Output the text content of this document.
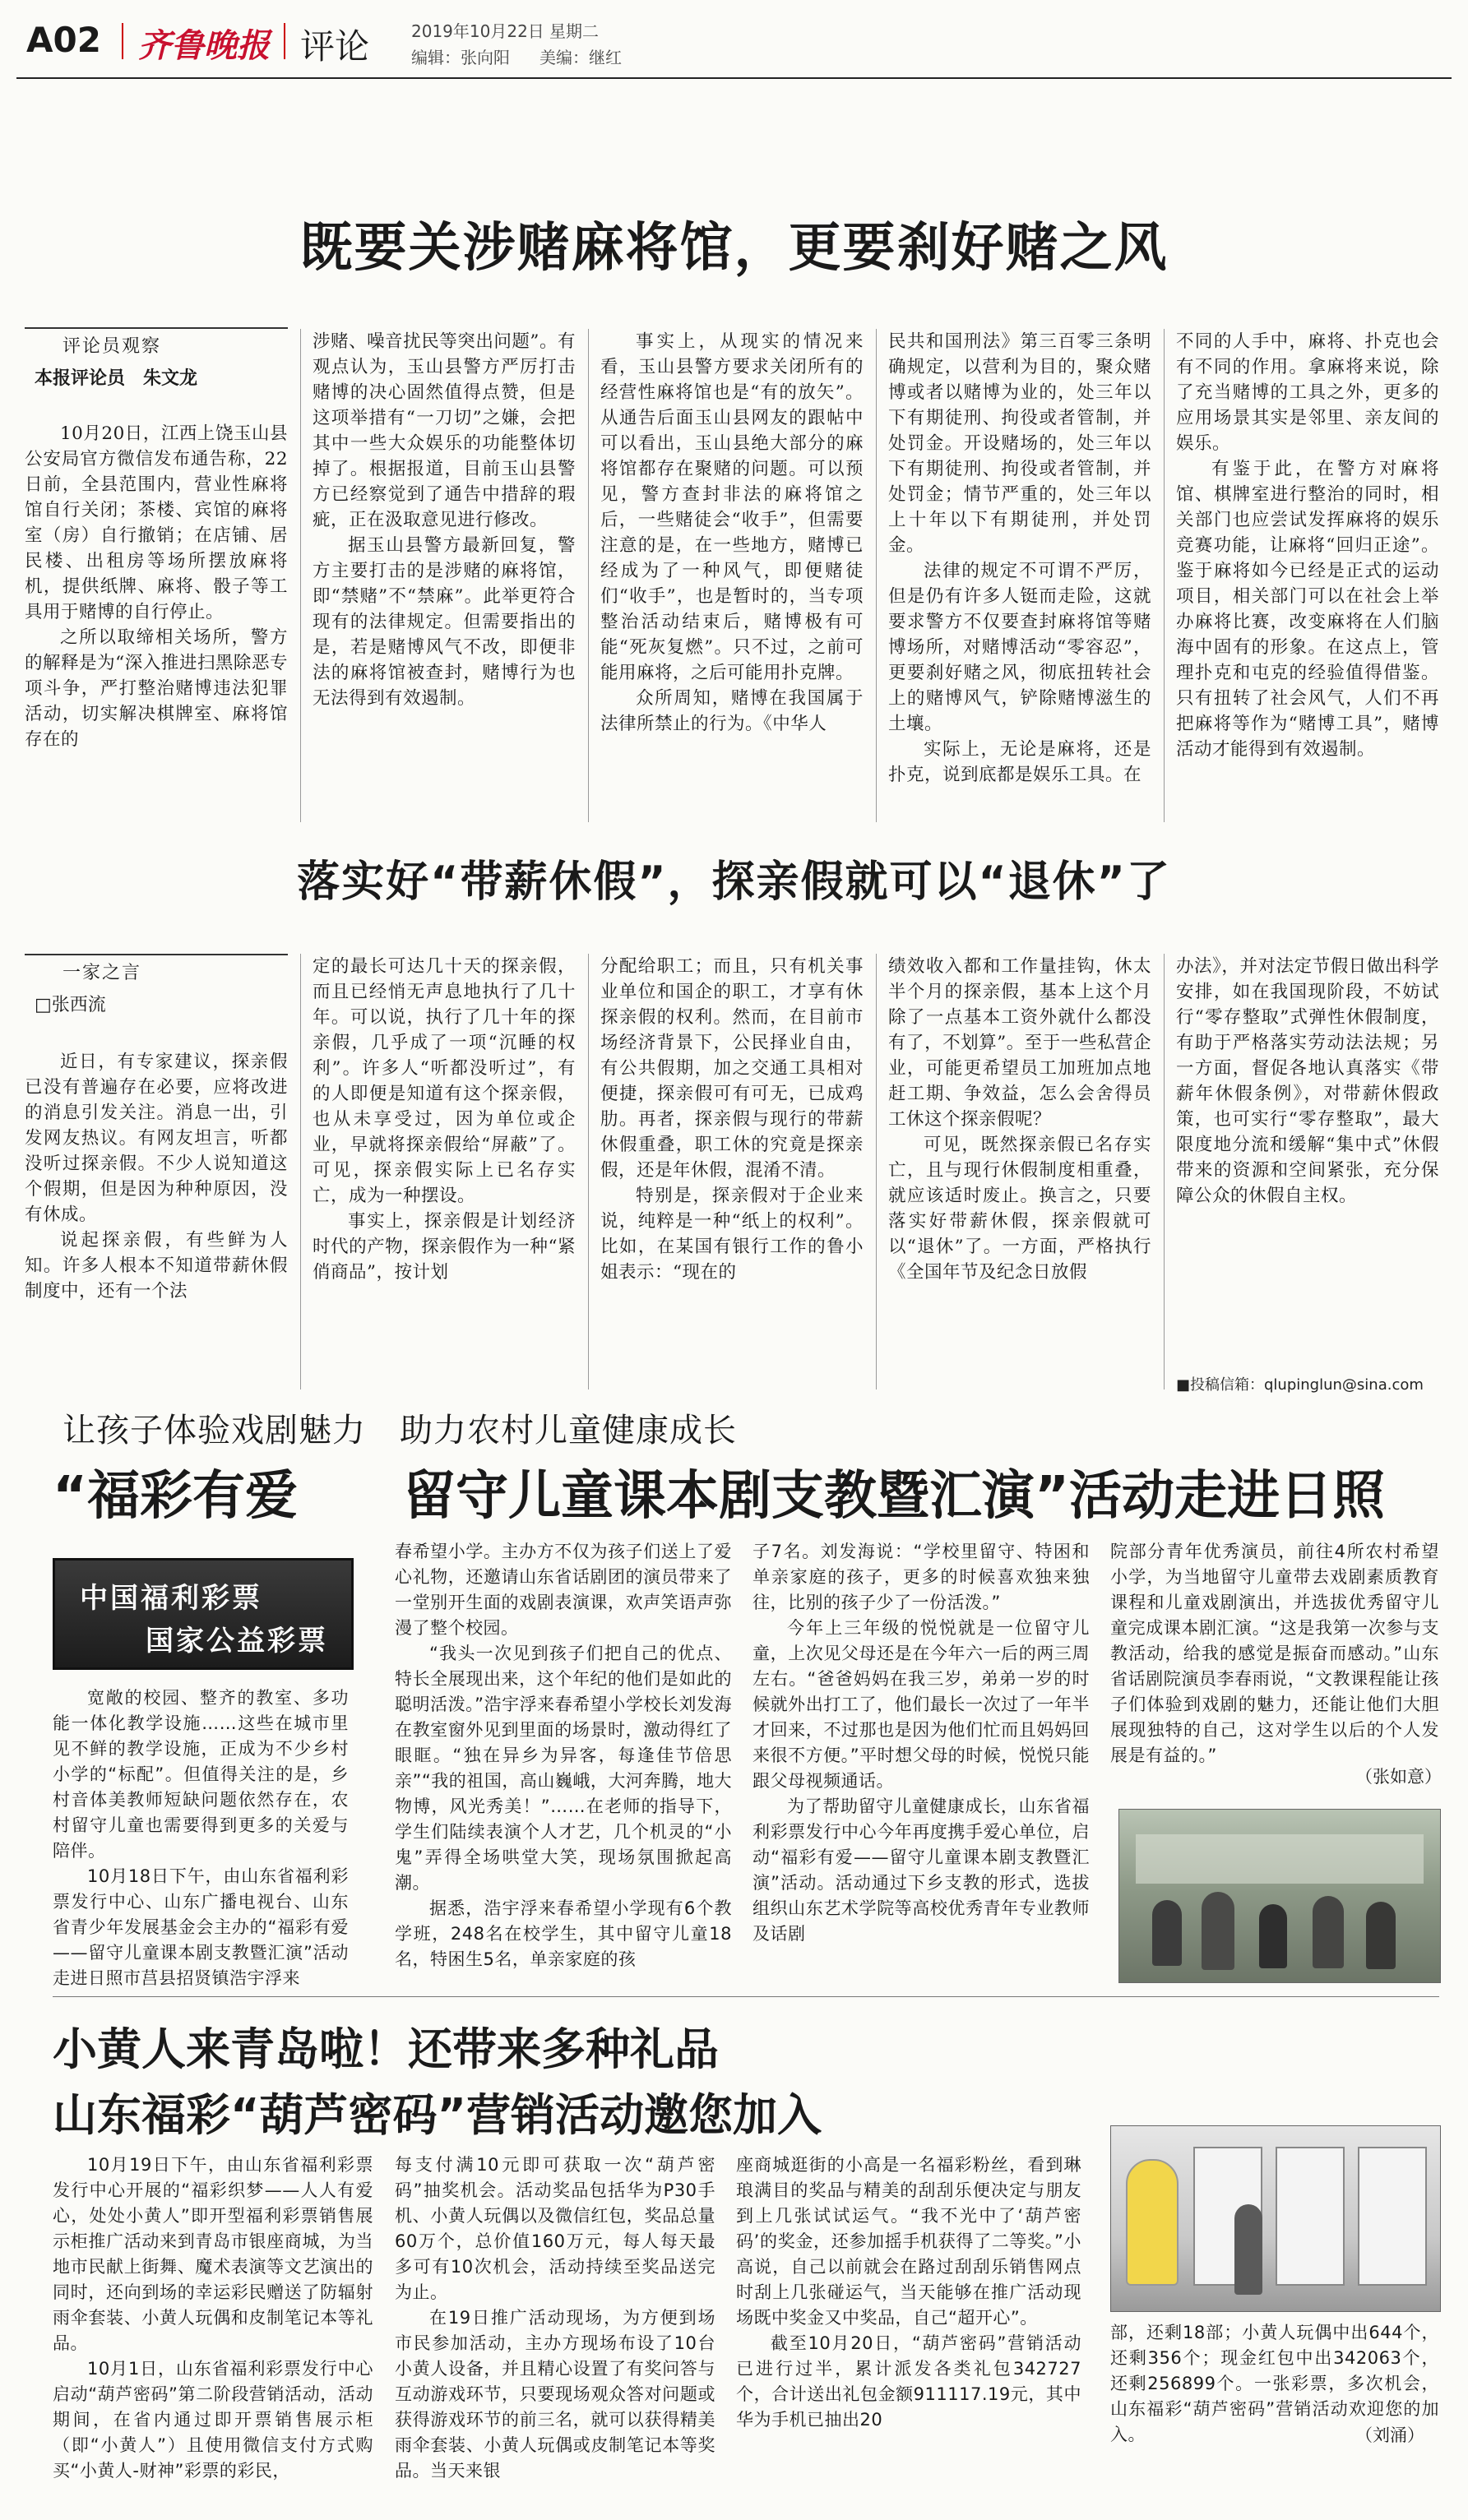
A02 齐鲁晚报 评论	2019年10月22日 星期二
编辑：张向阳 美编：继红
既要关涉赌麻将馆，更要刹好赌之风
评论员观察
本报评论员　朱文龙

10月20日，江西上饶玉山县公安局官方微信发布通告称，22日前，全县范围内，营业性麻将馆自行关闭；茶楼、宾馆的麻将室（房）自行撤销；在店铺、居民楼、出租房等场所摆放麻将机，提供纸牌、麻将、骰子等工具用于赌博的自行停止。

之所以取缔相关场所，警方的解释是为“深入推进扫黑除恶专项斗争，严打整治赌博违法犯罪活动，切实解决棋牌室、麻将馆存在的

涉赌、噪音扰民等突出问题”。有观点认为，玉山县警方严厉打击赌博的决心固然值得点赞，但是这项举措有“一刀切”之嫌，会把其中一些大众娱乐的功能整体切掉了。根据报道，目前玉山县警方已经察觉到了通告中措辞的瑕疵，正在汲取意见进行修改。

据玉山县警方最新回复，警方主要打击的是涉赌的麻将馆，即“禁赌”不“禁麻”。此举更符合现有的法律规定。但需要指出的是，若是赌博风气不改，即便非法的麻将馆被查封，赌博行为也无法得到有效遏制。

事实上，从现实的情况来看，玉山县警方要求关闭所有的经营性麻将馆也是“有的放矢”。从通告后面玉山县网友的跟帖中可以看出，玉山县绝大部分的麻将馆都存在聚赌的问题。可以预见，警方查封非法的麻将馆之后，一些赌徒会“收手”，但需要注意的是，在一些地方，赌博已经成为了一种风气，即便赌徒们“收手”，也是暂时的，当专项整治活动结束后，赌博极有可能“死灰复燃”。只不过，之前可能用麻将，之后可能用扑克牌。

众所周知，赌博在我国属于法律所禁止的行为。《中华人

民共和国刑法》第三百零三条明确规定，以营利为目的，聚众赌博或者以赌博为业的，处三年以下有期徒刑、拘役或者管制，并处罚金。开设赌场的，处三年以下有期徒刑、拘役或者管制，并处罚金；情节严重的，处三年以上十年以下有期徒刑，并处罚金。

法律的规定不可谓不严厉，但是仍有许多人铤而走险，这就要求警方不仅要查封麻将馆等赌博场所，对赌博活动“零容忍”，更要刹好赌之风，彻底扭转社会上的赌博风气，铲除赌博滋生的土壤。

实际上，无论是麻将，还是扑克，说到底都是娱乐工具。在

不同的人手中，麻将、扑克也会有不同的作用。拿麻将来说，除了充当赌博的工具之外，更多的应用场景其实是邻里、亲友间的娱乐。

有鉴于此，在警方对麻将馆、棋牌室进行整治的同时，相关部门也应尝试发挥麻将的娱乐竞赛功能，让麻将“回归正途”。鉴于麻将如今已经是正式的运动项目，相关部门可以在社会上举办麻将比赛，改变麻将在人们脑海中固有的形象。在这点上，管理扑克和屯克的经验值得借鉴。只有扭转了社会风气，人们不再把麻将等作为“赌博工具”，赌博活动才能得到有效遏制。

落实好“带薪休假”，探亲假就可以“退休”了
一家之言
□张西流

近日，有专家建议，探亲假已没有普遍存在必要，应将改进的消息引发关注。消息一出，引发网友热议。有网友坦言，听都没听过探亲假。不少人说知道这个假期，但是因为种种原因，没有休成。

说起探亲假，有些鲜为人知。许多人根本不知道带薪休假制度中，还有一个法

定的最长可达几十天的探亲假，而且已经悄无声息地执行了几十年。可以说，执行了几十年的探亲假，几乎成了一项“沉睡的权利”。许多人“听都没听过”，有的人即便是知道有这个探亲假，也从未享受过，因为单位或企业，早就将探亲假给“屏蔽”了。可见，探亲假实际上已名存实亡，成为一种摆设。

事实上，探亲假是计划经济时代的产物，探亲假作为一种“紧俏商品”，按计划

分配给职工；而且，只有机关事业单位和国企的职工，才享有休探亲假的权利。然而，在目前市场经济背景下，公民择业自由，有公共假期，加之交通工具相对便捷，探亲假可有可无，已成鸡肋。再者，探亲假与现行的带薪休假重叠，职工休的究竟是探亲假，还是年休假，混淆不清。

特别是，探亲假对于企业来说，纯粹是一种“纸上的权利”。比如，在某国有银行工作的鲁小姐表示：“现在的

绩效收入都和工作量挂钩，休太半个月的探亲假，基本上这个月除了一点基本工资外就什么都没有了，不划算”。至于一些私营企业，可能更希望员工加班加点地赶工期、争效益，怎么会舍得员工休这个探亲假呢？

可见，既然探亲假已名存实亡，且与现行休假制度相重叠，就应该适时废止。换言之，只要落实好带薪休假，探亲假就可以“退休”了。一方面，严格执行《全国年节及纪念日放假

办法》，并对法定节假日做出科学安排，如在我国现阶段，不妨试行“零存整取”式弹性休假制度，有助于严格落实劳动法法规；另一方面，督促各地认真落实《带薪年休假条例》，对带薪休假政策，也可实行“零存整取”，最大限度地分流和缓解“集中式”休假带来的资源和空间紧张，充分保障公众的休假自主权。

■投稿信箱：qlupinglun@sina.com
让孩子体验戏剧魅力　助力农村儿童健康成长
“福彩有爱 留守儿童课本剧支教暨汇演”活动走进日照
中国福利彩票
国家公益彩票

宽敞的校园、整齐的教室、多功能一体化教学设施……这些在城市里见不鲜的教学设施，正成为不少乡村小学的“标配”。但值得关注的是，乡村音体美教师短缺问题依然存在，农村留守儿童也需要得到更多的关爱与陪伴。

10月18日下午，由山东省福利彩票发行中心、山东广播电视台、山东省青少年发展基金会主办的“福彩有爱——留守儿童课本剧支教暨汇演”活动走进日照市莒县招贤镇浩宇浮来

春希望小学。主办方不仅为孩子们送上了爱心礼物，还邀请山东省话剧团的演员带来了一堂别开生面的戏剧表演课，欢声笑语声弥漫了整个校园。

“我头一次见到孩子们把自己的优点、特长全展现出来，这个年纪的他们是如此的聪明活泼。”浩宇浮来春希望小学校长刘发海在教室窗外见到里面的场景时，激动得红了眼眶。“独在异乡为异客，每逢佳节倍思亲”“我的祖国，高山巍峨，大河奔腾，地大物博，风光秀美！”……在老师的指导下，学生们陆续表演个人才艺，几个机灵的“小鬼”弄得全场哄堂大笑，现场氛围掀起高潮。

据悉，浩宇浮来春希望小学现有6个教学班，248名在校学生，其中留守儿童18名，特困生5名，单亲家庭的孩

子7名。刘发海说：“学校里留守、特困和单亲家庭的孩子，更多的时候喜欢独来独往，比别的孩子少了一份活泼。”

今年上三年级的悦悦就是一位留守儿童，上次见父母还是在今年六一后的两三周左右。“爸爸妈妈在我三岁，弟弟一岁的时候就外出打工了，他们最长一次过了一年半才回来，不过那也是因为他们忙而且妈妈回来很不方便。”平时想父母的时候，悦悦只能跟父母视频通话。

为了帮助留守儿童健康成长，山东省福利彩票发行中心今年再度携手爱心单位，启动“福彩有爱——留守儿童课本剧支教暨汇演”活动。活动通过下乡支教的形式，选拔组织山东艺术学院等高校优秀青年专业教师及话剧

院部分青年优秀演员，前往4所农村希望小学，为当地留守儿童带去戏剧素质教育课程和儿童戏剧演出，并选拔优秀留守儿童完成课本剧汇演。“这是我第一次参与支教活动，给我的感觉是振奋而感动。”山东省话剧院演员李春雨说，“文教课程能让孩子们体验到戏剧的魅力，还能让他们大胆展现独特的自己，这对学生以后的个人发展是有益的。”

（张如意）
小黄人来青岛啦！还带来多种礼品
山东福彩“葫芦密码”营销活动邀您加入

10月19日下午，由山东省福利彩票发行中心开展的“福彩织梦——人人有爱心，处处小黄人”即开型福利彩票销售展示柜推广活动来到青岛市银座商城，为当地市民献上街舞、魔术表演等文艺演出的同时，还向到场的幸运彩民赠送了防辐射雨伞套装、小黄人玩偶和皮制笔记本等礼品。

10月1日，山东省福利彩票发行中心启动“葫芦密码”第二阶段营销活动，活动期间，在省内通过即开票销售展示柜（即“小黄人”）且使用微信支付方式购买“小黄人-财神”彩票的彩民，

每支付满10元即可获取一次“葫芦密码”抽奖机会。活动奖品包括华为P30手机、小黄人玩偶以及微信红包，奖品总量60万个，总价值160万元，每人每天最多可有10次机会，活动持续至奖品送完为止。

在19日推广活动现场，为方便到场市民参加活动，主办方现场布设了10台小黄人设备，并且精心设置了有奖问答与互动游戏环节，只要现场观众答对问题或获得游戏环节的前三名，就可以获得精美雨伞套装、小黄人玩偶或皮制笔记本等奖品。当天来银

座商城逛街的小高是一名福彩粉丝，看到琳琅满目的奖品与精美的刮刮乐便决定与朋友到上几张试试运气。“我不光中了‘葫芦密码’的奖金，还参加摇手机获得了二等奖。”小高说，自己以前就会在路过刮刮乐销售网点时刮上几张碰运气，当天能够在推广活动现场既中奖金又中奖品，自己“超开心”。

截至10月20日，“葫芦密码”营销活动已进行过半，累计派发各类礼包342727个，合计送出礼包金额911117.19元，其中华为手机已抽出20

部，还剩18部；小黄人玩偶中出644个，还剩356个；现金红包中出342063个，还剩256899个。一张彩票，多次机会，山东福彩“葫芦密码”营销活动欢迎您的加入。	（刘涌）
